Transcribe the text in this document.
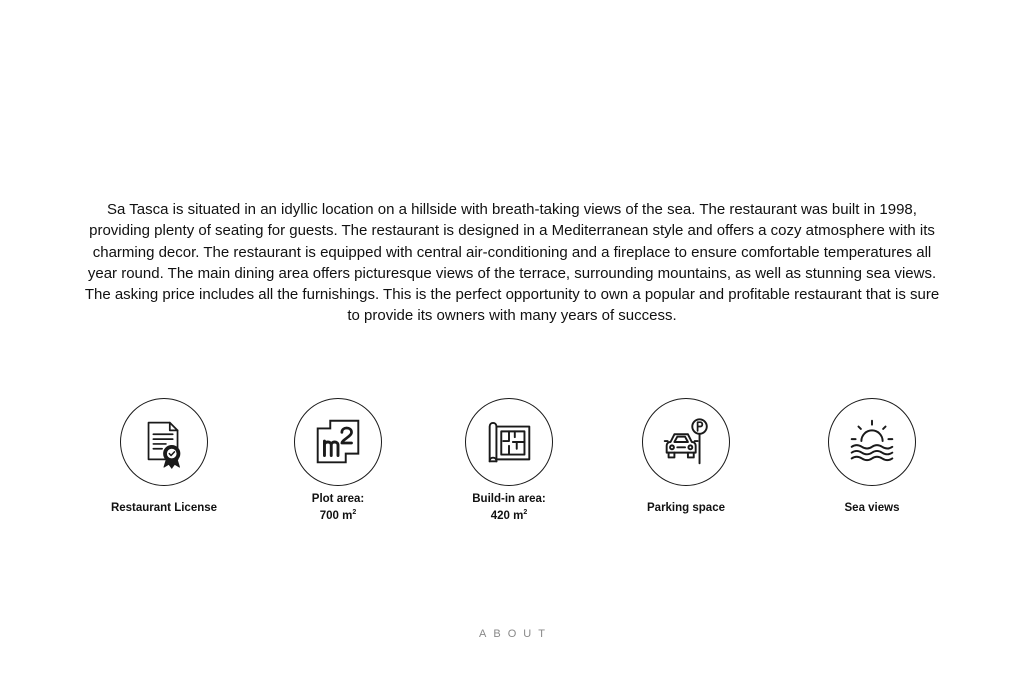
Sa Tasca is situated in an idyllic location on a hillside with breath-taking views of the sea. The restaurant was built in 1998, providing plenty of seating for guests. The restaurant is designed in a Mediterranean style and offers a cozy atmosphere with its charming decor. The restaurant is equipped with central air-conditioning and a fireplace to ensure comfortable temperatures all year round. The main dining area offers picturesque views of the terrace, surrounding mountains, as well as stunning sea views. The asking price includes all the furnishings. This is the perfect opportunity to own a popular and profitable restaurant that is sure to provide its owners with many years of success.

Restaurant License
Plot area:
700 $m^2$
Build-in area:
420 $m^2$	Parking space	Sea views
ABOUT
